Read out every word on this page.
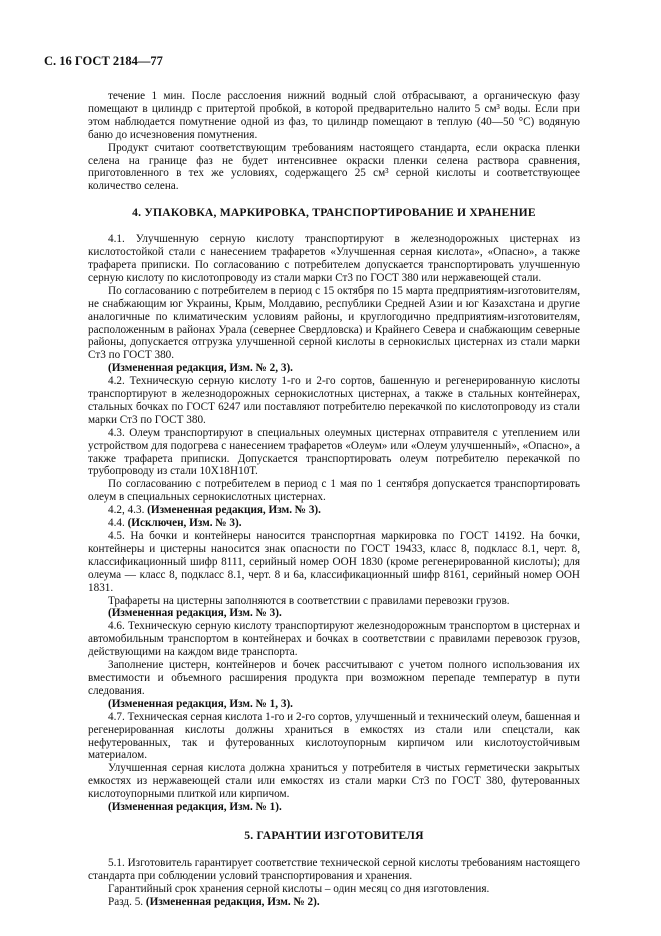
С. 16 ГОСТ 2184—77

течение 1 мин. После расслоения нижний водный слой отбрасывают, а органическую фазу помещают в цилиндр с притертой пробкой, в которой предварительно налито 5 см³ воды. Если при этом наблюдается помутнение одной из фаз, то цилиндр помещают в теплую (40—50 °С) водяную баню до исчезновения помутнения.

Продукт считают соответствующим требованиям настоящего стандарта, если окраска пленки селена на границе фаз не будет интенсивнее окраски пленки селена раствора сравнения, приготовленного в тех же условиях, содержащего 25 см³ серной кислоты и соответствующее количество селена.

4. УПАКОВКА, МАРКИРОВКА, ТРАНСПОРТИРОВАНИЕ И ХРАНЕНИЕ

4.1. Улучшенную серную кислоту транспортируют в железнодорожных цистернах из кислотостойкой стали с нанесением трафаретов «Улучшенная серная кислота», «Опасно», а также трафарета приписки. По согласованию с потребителем допускается транспортировать улучшенную серную кислоту по кислотопроводу из стали марки Ст3 по ГОСТ 380 или нержавеющей стали.

По согласованию с потребителем в период с 15 октября по 15 марта предприятиям-изготовителям, не снабжающим юг Украины, Крым, Молдавию, республики Средней Азии и юг Казахстана и другие аналогичные по климатическим условиям районы, и круглогодично предприятиям-изготовителям, расположенным в районах Урала (севернее Свердловска) и Крайнего Севера и снабжающим северные районы, допускается отгрузка улучшенной серной кислоты в сернокислых цистернах из стали марки Ст3 по ГОСТ 380.

(Измененная редакция, Изм. № 2, 3).

4.2. Техническую серную кислоту 1-го и 2-го сортов, башенную и регенерированную кислоты транспортируют в железнодорожных сернокислотных цистернах, а также в стальных контейнерах, стальных бочках по ГОСТ 6247 или поставляют потребителю перекачкой по кислотопроводу из стали марки Ст3 по ГОСТ 380.

4.3. Олеум транспортируют в специальных олеумных цистернах отправителя с утеплением или устройством для подогрева с нанесением трафаретов «Олеум» или «Олеум улучшенный», «Опасно», а также трафарета приписки. Допускается транспортировать олеум потребителю перекачкой по трубопроводу из стали 10Х18Н10Т.

По согласованию с потребителем в период с 1 мая по 1 сентября допускается транспортировать олеум в специальных сернокислотных цистернах.

4.2, 4.3. (Измененная редакция, Изм. № 3).

4.4. (Исключен, Изм. № 3).

4.5. На бочки и контейнеры наносится транспортная маркировка по ГОСТ 14192. На бочки, контейнеры и цистерны наносится знак опасности по ГОСТ 19433, класс 8, подкласс 8.1, черт. 8, классификационный шифр 8111, серийный номер ООН 1830 (кроме регенерированной кислоты); для олеума — класс 8, подкласс 8.1, черт. 8 и 6а, классификационный шифр 8161, серийный номер ООН 1831.

Трафареты на цистерны заполняются в соответствии с правилами перевозки грузов.

(Измененная редакция, Изм. № 3).

4.6. Техническую серную кислоту транспортируют железнодорожным транспортом в цистернах и автомобильным транспортом в контейнерах и бочках в соответствии с правилами перевозок грузов, действующими на каждом виде транспорта.

Заполнение цистерн, контейнеров и бочек рассчитывают с учетом полного использования их вместимости и объемного расширения продукта при возможном перепаде температур в пути следования.

(Измененная редакция, Изм. № 1, 3).

4.7. Техническая серная кислота 1-го и 2-го сортов, улучшенный и технический олеум, башенная и регенерированная кислоты должны храниться в емкостях из стали или спецстали, как нефутерованных, так и футерованных кислотоупорным кирпичом или кислотоустойчивым материалом.

Улучшенная серная кислота должна храниться у потребителя в чистых герметически закрытых емкостях из нержавеющей стали или емкостях из стали марки Ст3 по ГОСТ 380, футерованных кислотоупорными плиткой или кирпичом.

(Измененная редакция, Изм. № 1).

5. ГАРАНТИИ ИЗГОТОВИТЕЛЯ

5.1. Изготовитель гарантирует соответствие технической серной кислоты требованиям настоящего стандарта при соблюдении условий транспортирования и хранения.

Гарантийный срок хранения серной кислоты – один месяц со дня изготовления.

Разд. 5. (Измененная редакция, Изм. № 2).
